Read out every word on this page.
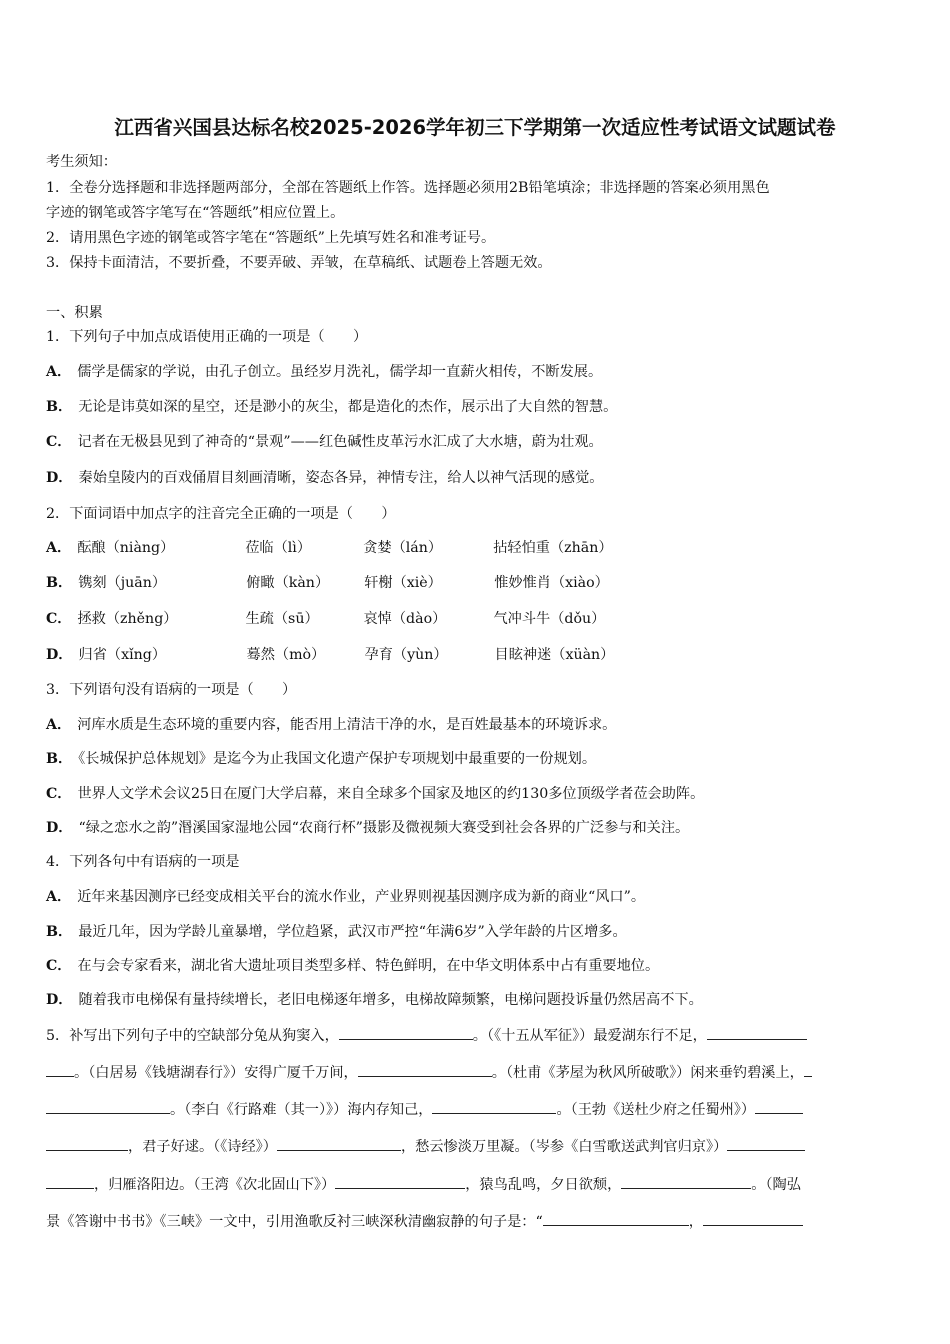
江西省兴国县达标名校2025-2026学年初三下学期第一次适应性考试语文试题试卷
考生须知：
1．全卷分选择题和非选择题两部分，全部在答题纸上作答。选择题必须用2B铅笔填涂；非选择题的答案必须用黑色
字迹的钢笔或答字笔写在“答题纸”相应位置上。
2．请用黑色字迹的钢笔或答字笔在“答题纸”上先填写姓名和准考证号。
3．保持卡面清洁，不要折叠，不要弄破、弄皱，在草稿纸、试题卷上答题无效。
一、积累
1．下列句子中加点成语使用正确的一项是（　　）
A． 儒学是儒家的学说，由孔子创立。虽经岁月洗礼，儒学却一直薪火相传，不断发展。
B． 无论是讳莫如深的星空，还是渺小的灰尘，都是造化的杰作，展示出了大自然的智慧。
C． 记者在无极县见到了神奇的“景观”——红色碱性皮革污水汇成了大水塘，蔚为壮观。
D． 秦始皇陵内的百戏俑眉目刻画清晰，姿态各异，神情专注，给人以神气活现的感觉。
2．下面词语中加点字的注音完全正确的一项是（　　）
A． 酝酿（niàng）	莅临（lì）	贪婪（lán）	拈轻怕重（zhān）
B． 镌刻（juān）	俯瞰（kàn） 轩榭（xiè）	惟妙惟肖（xiào）
C． 拯救（zhěng）	生疏（sū）	哀悼（dào）	气冲斗牛（dǒu）
D． 归省（xǐng）	蓦然（mò）	孕育（yùn）	目眩神迷（xüàn）
3．下列语句没有语病的一项是（　　）
A． 河库水质是生态环境的重要内容，能否用上清洁干净的水，是百姓最基本的环境诉求。
B． 《长城保护总体规划》是迄今为止我国文化遗产保护专项规划中最重要的一份规划。
C． 世界人文学术会议25日在厦门大学启幕，来自全球多个国家及地区的约130多位顶级学者莅会助阵。
D． “绿之恋水之韵”湣溪国家湿地公园“农商行杯”摄影及微视频大赛受到社会各界的广泛参与和关注。
4．下列各句中有语病的一项是
A． 近年来基因测序已经变成相关平台的流水作业，产业界则视基因测序成为新的商业“风口”。
B． 最近几年，因为学龄儿童暴增，学位趋紧，武汉市严控“年满6岁”入学年龄的片区增多。
C． 在与会专家看来，湖北省大遗址项目类型多样、特色鲜明，在中华文明体系中占有重要地位。
D． 随着我市电梯保有量持续增长，老旧电梯逐年增多，电梯故障频繁，电梯问题投诉量仍然居高不下。
5．补写出下列句子中的空缺部分兔从狗窦入，	。（《十五从军征》）最爱湖东行不足，
。（白居易《钱塘湖春行》）安得广厦千万间，	。（杜甫《茅屋为秋风所破歌》）闲来垂钓碧溪上，
。（李白《行路难（其一）》）海内存知己，	。（王勃《送杜少府之任蜀州》）
，君子好逑。（《诗经》）	，愁云惨淡万里凝。（岑参《白雪歌送武判官归京》）
，归雁洛阳边。（王湾《次北固山下》）	，猿鸟乱鸣，夕日欲颓，	。（陶弘
景《答谢中书书》《三峡》一文中，引用渔歌反衬三峡深秋清幽寂静的句子是：“	，
